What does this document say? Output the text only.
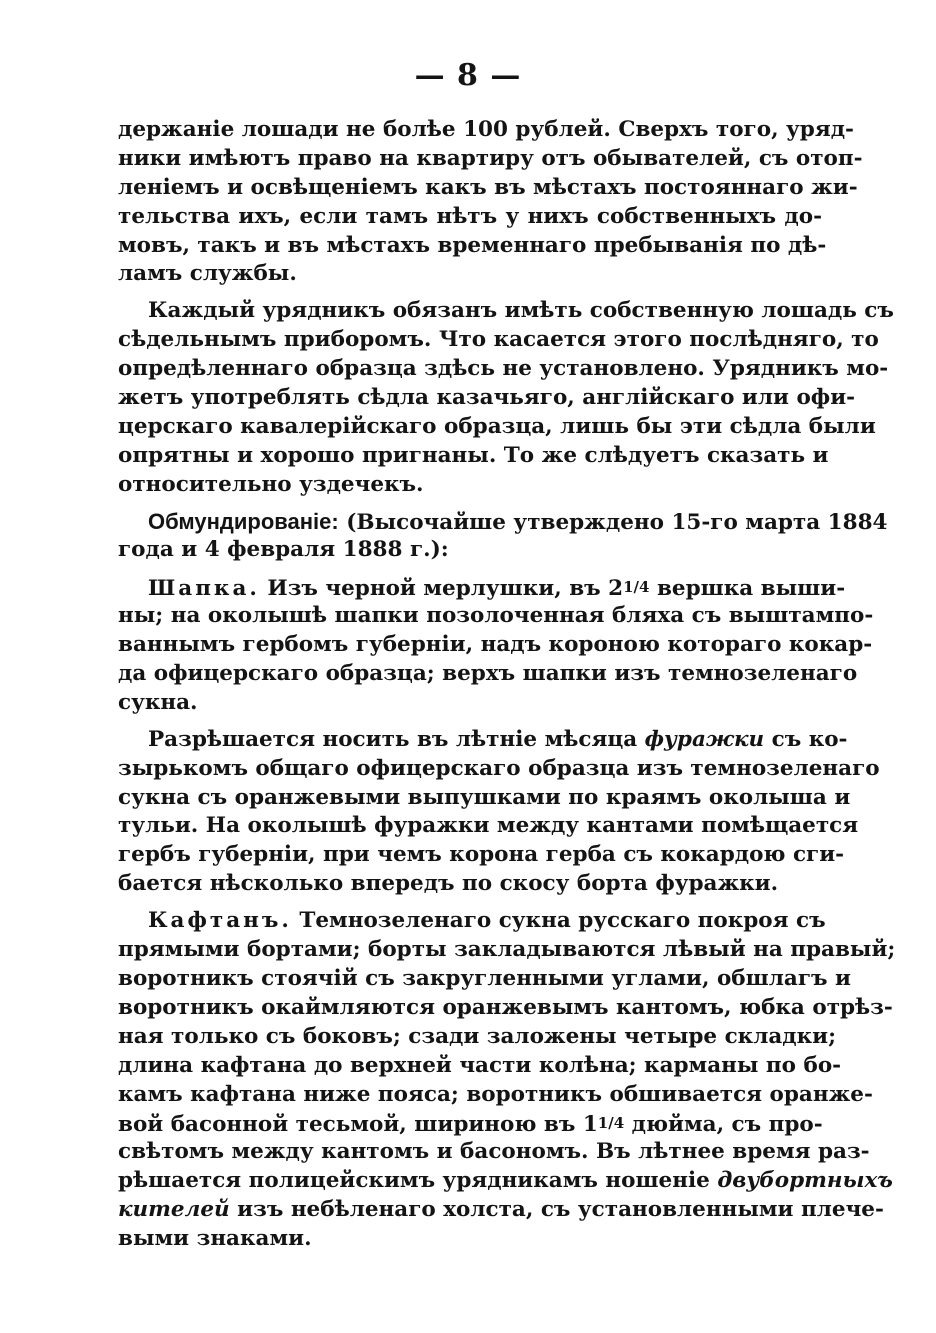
— 8 —
держаніе лошади не болѣе 100 рублей. Сверхъ того, уряд-
ники имѣютъ право на квартиру отъ обывателей, съ отоп-
леніемъ и освѣщеніемъ какъ въ мѣстахъ постояннаго жи-
тельства ихъ, если тамъ нѣтъ у нихъ собственныхъ до-
мовъ, такъ и въ мѣстахъ временнаго пребыванія по дѣ-
ламъ службы.
Каждый урядникъ обязанъ имѣть собственную лошадь съ
сѣдельнымъ приборомъ. Что касается этого послѣдняго, то
опредѣленнаго образца здѣсь не установлено. Урядникъ мо-
жетъ употреблять сѣдла казачьяго, англійскаго или офи-
церскаго кавалерійскаго образца, лишь бы эти сѣдла были
опрятны и хорошо пригнаны. То же слѣдуетъ сказать и
относительно уздечекъ.
Обмундированіе: (Высочайше утверждено 15-го марта 1884
года и 4 февраля 1888 г.):
Шапка. Изъ черной мерлушки, въ 21/4 вершка выши-
ны; на околышѣ шапки позолоченная бляха съ выштампо-
ваннымъ гербомъ губерніи, надъ короною котораго кокар-
да офицерскаго образца; верхъ шапки изъ темнозеленаго
сукна.
Разрѣшается носить въ лѣтніе мѣсяца фуражки съ ко-
зырькомъ общаго офицерскаго образца изъ темнозеленаго
сукна съ оранжевыми выпушками по краямъ околыша и
тульи. На околышѣ фуражки между кантами помѣщается
гербъ губерніи, при чемъ корона герба съ кокардою сги-
бается нѣсколько впередъ по скосу борта фуражки.
Кафтанъ. Темнозеленаго сукна русскаго покроя съ
прямыми бортами; борты закладываются лѣвый на правый;
воротникъ стоячій съ закругленными углами, обшлагъ и
воротникъ окаймляются оранжевымъ кантомъ, юбка отрѣз-
ная только съ боковъ; сзади заложены четыре складки;
длина кафтана до верхней части колѣна; карманы по бо-
камъ кафтана ниже пояса; воротникъ обшивается оранже-
вой басонной тесьмой, шириною въ 11/4 дюйма, съ про-
свѣтомъ между кантомъ и басономъ. Въ лѣтнее время раз-
рѣшается полицейскимъ урядникамъ ношеніе двубортныхъ
кителей изъ небѣленаго холста, съ установленными плече-
выми знаками.
